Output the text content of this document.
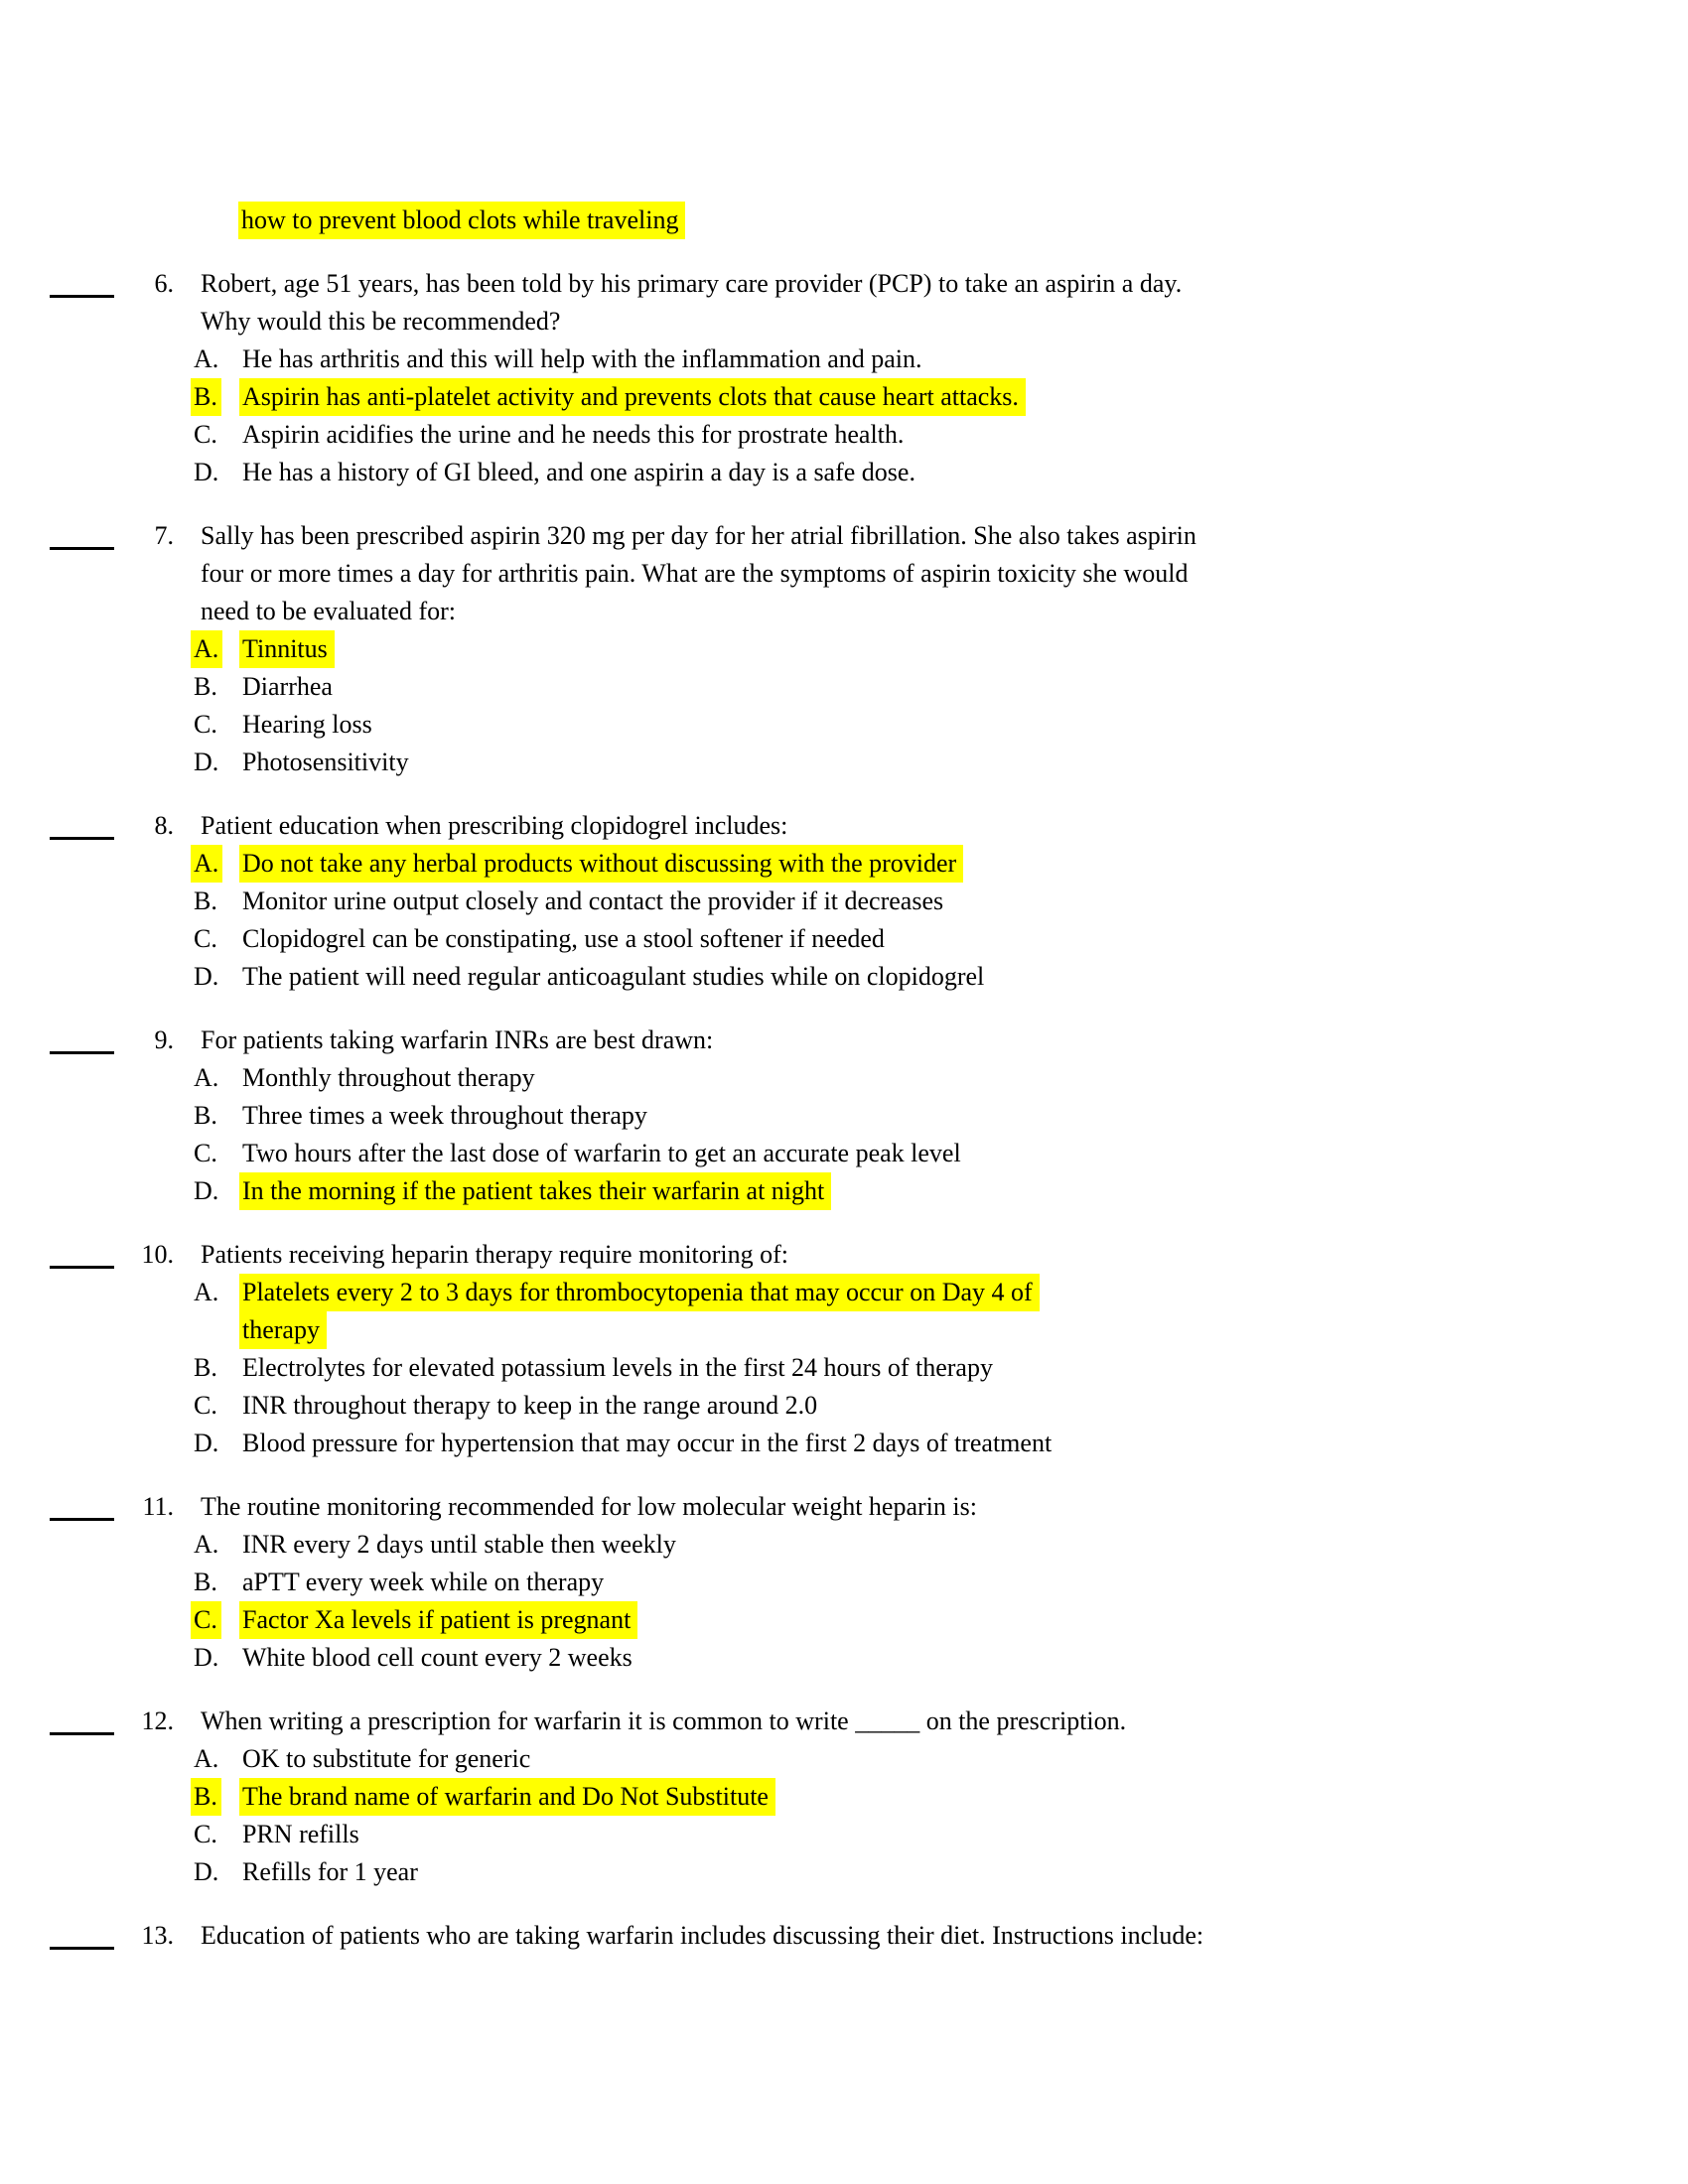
how to prevent blood clots while traveling
6. Robert, age 51 years, has been told by his primary care provider (PCP) to take an aspirin a day.
Why would this be recommended?
A. He has arthritis and this will help with the inflammation and pain.
B. Aspirin has anti-platelet activity and prevents clots that cause heart attacks.
C. Aspirin acidifies the urine and he needs this for prostrate health.
D. He has a history of GI bleed, and one aspirin a day is a safe dose.
7. Sally has been prescribed aspirin 320 mg per day for her atrial fibrillation. She also takes aspirin
four or more times a day for arthritis pain. What are the symptoms of aspirin toxicity she would
need to be evaluated for:
A. Tinnitus
B. Diarrhea
C. Hearing loss
D. Photosensitivity
8. Patient education when prescribing clopidogrel includes:
A. Do not take any herbal products without discussing with the provider
B. Monitor urine output closely and contact the provider if it decreases
C. Clopidogrel can be constipating, use a stool softener if needed
D. The patient will need regular anticoagulant studies while on clopidogrel
9. For patients taking warfarin INRs are best drawn:
A. Monthly throughout therapy
B. Three times a week throughout therapy
C. Two hours after the last dose of warfarin to get an accurate peak level
D. In the morning if the patient takes their warfarin at night
10. Patients receiving heparin therapy require monitoring of:
A. Platelets every 2 to 3 days for thrombocytopenia that may occur on Day 4 of
therapy
B. Electrolytes for elevated potassium levels in the first 24 hours of therapy
C. INR throughout therapy to keep in the range around 2.0
D. Blood pressure for hypertension that may occur in the first 2 days of treatment
11. The routine monitoring recommended for low molecular weight heparin is:
A. INR every 2 days until stable then weekly
B. aPTT every week while on therapy
C. Factor Xa levels if patient is pregnant
D. White blood cell count every 2 weeks
12. When writing a prescription for warfarin it is common to write _____ on the prescription.
A. OK to substitute for generic
B. The brand name of warfarin and Do Not Substitute
C. PRN refills
D. Refills for 1 year
13. Education of patients who are taking warfarin includes discussing their diet. Instructions include:
